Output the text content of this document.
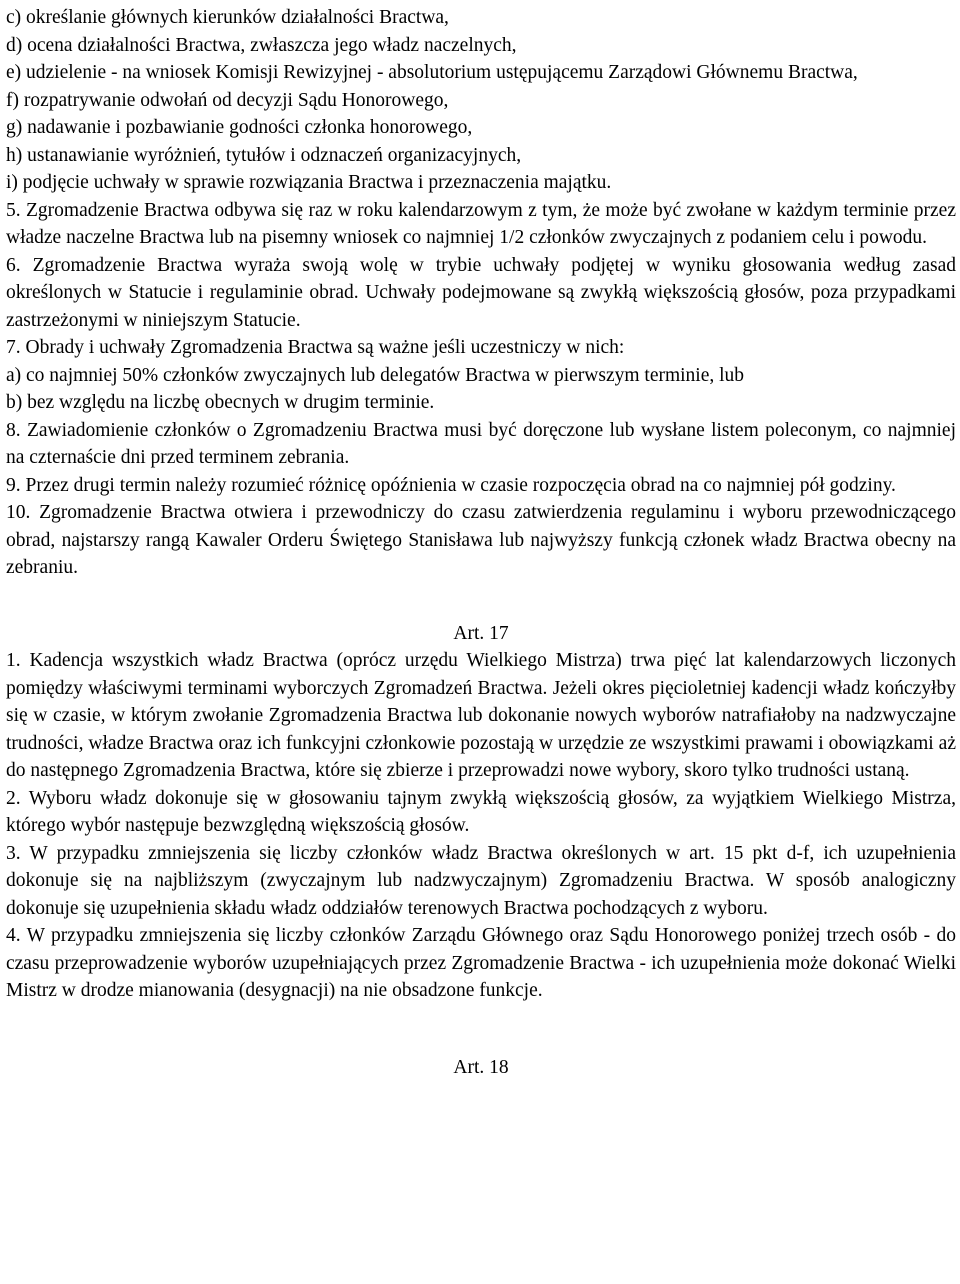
c) określanie głównych kierunków działalności Bractwa,

d) ocena działalności Bractwa, zwłaszcza jego władz naczelnych,

e) udzielenie - na wniosek Komisji Rewizyjnej - absolutorium ustępującemu Zarządowi Głównemu Bractwa,

f) rozpatrywanie odwołań od decyzji Sądu Honorowego,

g) nadawanie i pozbawianie godności członka honorowego,

h) ustanawianie wyróżnień, tytułów i odznaczeń organizacyjnych,

i) podjęcie uchwały w sprawie rozwiązania Bractwa i przeznaczenia majątku.

5. Zgromadzenie Bractwa odbywa się raz w roku kalendarzowym z tym, że może być zwołane w każdym terminie przez władze naczelne Bractwa lub na pisemny wniosek co najmniej 1/2 członków zwyczajnych z podaniem celu i powodu.

6. Zgromadzenie Bractwa wyraża swoją wolę w trybie uchwały podjętej w wyniku głosowania według zasad określonych w Statucie i regulaminie obrad. Uchwały podejmowane są zwykłą większością głosów, poza przypadkami zastrzeżonymi w niniejszym Statucie.

7. Obrady i uchwały Zgromadzenia Bractwa są ważne jeśli uczestniczy w nich:

a) co najmniej 50% członków zwyczajnych lub delegatów Bractwa w pierwszym terminie, lub

b) bez względu na liczbę obecnych w drugim terminie.

8. Zawiadomienie członków o Zgromadzeniu Bractwa musi być doręczone lub wysłane listem poleconym, co najmniej na czternaście dni przed terminem zebrania.

9. Przez drugi termin należy rozumieć różnicę opóźnienia w czasie rozpoczęcia obrad na co najmniej pół godziny.

10. Zgromadzenie Bractwa otwiera i przewodniczy do czasu zatwierdzenia regulaminu i wyboru przewodniczącego obrad, najstarszy rangą Kawaler Orderu Świętego Stanisława lub najwyższy funkcją członek władz Bractwa obecny na zebraniu.

Art. 17

1. Kadencja wszystkich władz Bractwa (oprócz urzędu Wielkiego Mistrza) trwa pięć lat kalendarzowych liczonych pomiędzy właściwymi terminami wyborczych Zgromadzeń Bractwa. Jeżeli okres pięcioletniej kadencji władz kończyłby się w czasie, w którym zwołanie Zgromadzenia Bractwa lub dokonanie nowych wyborów natrafiałoby na nadzwyczajne trudności, władze Bractwa oraz ich funkcyjni członkowie pozostają w urzędzie ze wszystkimi prawami i obowiązkami aż do następnego Zgromadzenia Bractwa, które się zbierze i przeprowadzi nowe wybory, skoro tylko trudności ustaną.

2. Wyboru władz dokonuje się w głosowaniu tajnym zwykłą większością głosów, za wyjątkiem Wielkiego Mistrza, którego wybór następuje bezwzględną większością głosów.

3. W przypadku zmniejszenia się liczby członków władz Bractwa określonych w art. 15 pkt d-f, ich uzupełnienia dokonuje się na najbliższym (zwyczajnym lub nadzwyczajnym) Zgromadzeniu Bractwa. W sposób analogiczny dokonuje się uzupełnienia składu władz oddziałów terenowych Bractwa pochodzących z wyboru.

4. W przypadku zmniejszenia się liczby członków Zarządu Głównego oraz Sądu Honorowego poniżej trzech osób - do czasu przeprowadzenie wyborów uzupełniających przez Zgromadzenie Bractwa - ich uzupełnienia może dokonać Wielki Mistrz w drodze mianowania (desygnacji) na nie obsadzone funkcje.

Art. 18
